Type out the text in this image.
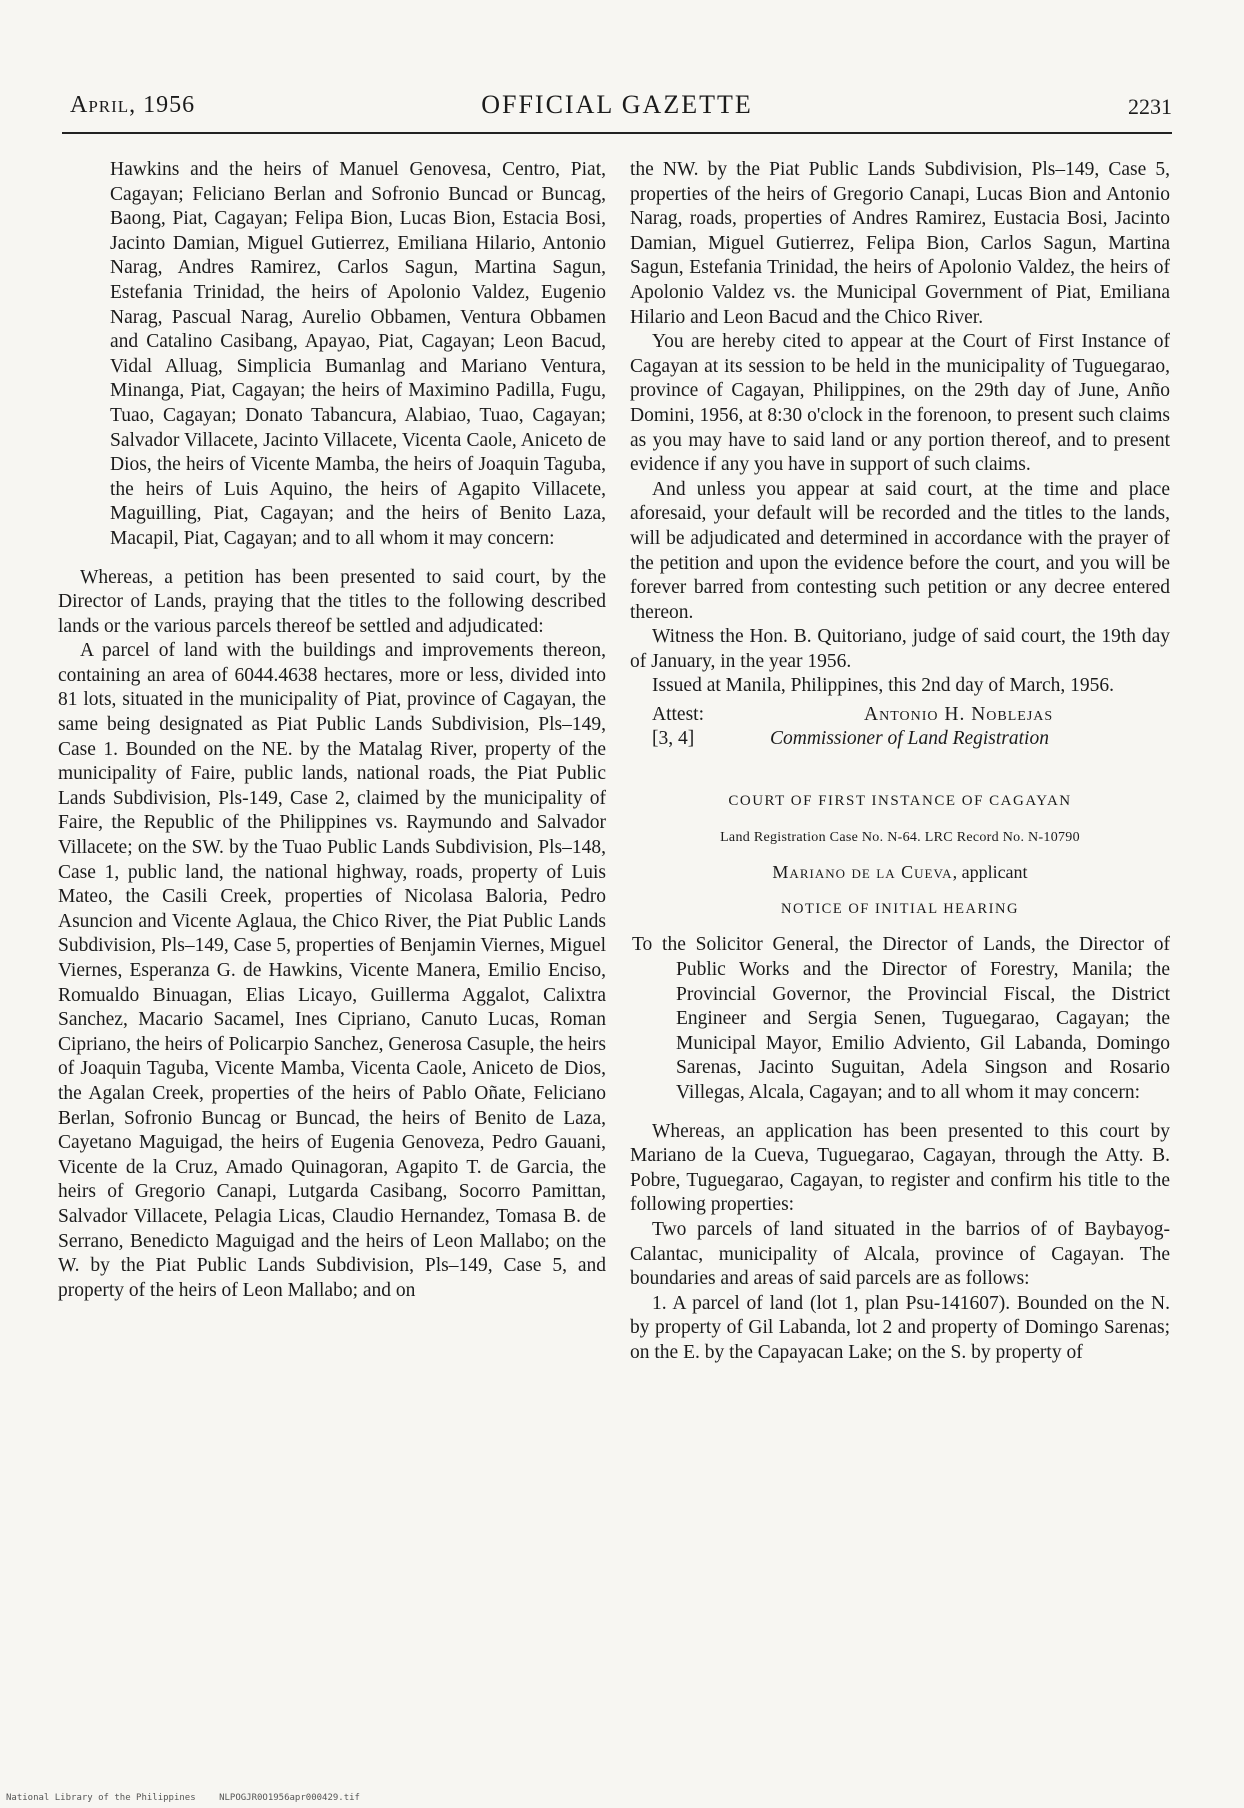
April, 1956	OFFICIAL GAZETTE	2231

Hawkins and the heirs of Manuel Genovesa, Centro, Piat, Cagayan; Feliciano Berlan and Sofronio Buncad or Buncag, Baong, Piat, Cagayan; Felipa Bion, Lucas Bion, Estacia Bosi, Jacinto Damian, Miguel Gutierrez, Emiliana Hilario, Antonio Narag, Andres Ramirez, Carlos Sagun, Martina Sagun, Estefania Trinidad, the heirs of Apolonio Valdez, Eugenio Narag, Pascual Narag, Aurelio Obbamen, Ventura Obbamen and Catalino Casibang, Apayao, Piat, Cagayan; Leon Bacud, Vidal Alluag, Simplicia Bumanlag and Mariano Ventura, Minanga, Piat, Cagayan; the heirs of Maximino Padilla, Fugu, Tuao, Cagayan; Donato Tabancura, Alabiao, Tuao, Cagayan; Salvador Villacete, Jacinto Villacete, Vicenta Caole, Aniceto de Dios, the heirs of Vicente Mamba, the heirs of Joaquin Taguba, the heirs of Luis Aquino, the heirs of Agapito Villacete, Maguilling, Piat, Cagayan; and the heirs of Benito Laza, Macapil, Piat, Cagayan; and to all whom it may concern:

Whereas, a petition has been presented to said court, by the Director of Lands, praying that the titles to the following described lands or the various parcels thereof be settled and adjudicated:

A parcel of land with the buildings and improvements thereon, containing an area of 6044.4638 hectares, more or less, divided into 81 lots, situated in the municipality of Piat, province of Cagayan, the same being designated as Piat Public Lands Subdivision, Pls–149, Case 1. Bounded on the NE. by the Matalag River, property of the municipality of Faire, public lands, national roads, the Piat Public Lands Subdivision, Pls-149, Case 2, claimed by the municipality of Faire, the Republic of the Philippines vs. Raymundo and Salvador Villacete; on the SW. by the Tuao Public Lands Subdivision, Pls–148, Case 1, public land, the national highway, roads, property of Luis Mateo, the Casili Creek, properties of Nicolasa Baloria, Pedro Asuncion and Vicente Aglaua, the Chico River, the Piat Public Lands Subdivision, Pls–149, Case 5, properties of Benjamin Viernes, Miguel Viernes, Esperanza G. de Hawkins, Vicente Manera, Emilio Enciso, Romualdo Binuagan, Elias Licayo, Guillerma Aggalot, Calixtra Sanchez, Macario Sacamel, Ines Cipriano, Canuto Lucas, Roman Cipriano, the heirs of Policarpio Sanchez, Generosa Casuple, the heirs of Joaquin Taguba, Vicente Mamba, Vicenta Caole, Aniceto de Dios, the Agalan Creek, properties of the heirs of Pablo Oñate, Feliciano Berlan, Sofronio Buncag or Buncad, the heirs of Benito de Laza, Cayetano Maguigad, the heirs of Eugenia Genoveza, Pedro Gauani, Vicente de la Cruz, Amado Quinagoran, Agapito T. de Garcia, the heirs of Gregorio Canapi, Lutgarda Casibang, Socorro Pamittan, Salvador Villacete, Pelagia Licas, Claudio Hernandez, Tomasa B. de Serrano, Benedicto Maguigad and the heirs of Leon Mallabo; on the W. by the Piat Public Lands Subdivision, Pls–149, Case 5, and property of the heirs of Leon Mallabo; and on

the NW. by the Piat Public Lands Subdivision, Pls–149, Case 5, properties of the heirs of Gregorio Canapi, Lucas Bion and Antonio Narag, roads, properties of Andres Ramirez, Eustacia Bosi, Jacinto Damian, Miguel Gutierrez, Felipa Bion, Carlos Sagun, Martina Sagun, Estefania Trinidad, the heirs of Apolonio Valdez, the heirs of Apolonio Valdez vs. the Municipal Government of Piat, Emiliana Hilario and Leon Bacud and the Chico River.

You are hereby cited to appear at the Court of First Instance of Cagayan at its session to be held in the municipality of Tuguegarao, province of Cagayan, Philippines, on the 29th day of June, Anño Domini, 1956, at 8:30 o'clock in the forenoon, to present such claims as you may have to said land or any portion thereof, and to present evidence if any you have in support of such claims.

And unless you appear at said court, at the time and place aforesaid, your default will be recorded and the titles to the lands, will be adjudicated and determined in accordance with the prayer of the petition and upon the evidence before the court, and you will be forever barred from contesting such petition or any decree entered thereon.

Witness the Hon. B. Quitoriano, judge of said court, the 19th day of January, in the year 1956.

Issued at Manila, Philippines, this 2nd day of March, 1956.

Attest:
[3, 4]
Antonio H. Noblejas
Commissioner of Land Registration
COURT OF FIRST INSTANCE OF CAGAYAN
Land Registration Case No. N-64. LRC Record No. N-10790
Mariano de la Cueva, applicant
NOTICE OF INITIAL HEARING

To the Solicitor General, the Director of Lands, the Director of Public Works and the Director of Forestry, Manila; the Provincial Governor, the Provincial Fiscal, the District Engineer and Sergia Senen, Tuguegarao, Cagayan; the Municipal Mayor, Emilio Adviento, Gil Labanda, Domingo Sarenas, Jacinto Suguitan, Adela Singson and Rosario Villegas, Alcala, Cagayan; and to all whom it may concern:

Whereas, an application has been presented to this court by Mariano de la Cueva, Tuguegarao, Cagayan, through the Atty. B. Pobre, Tuguegarao, Cagayan, to register and confirm his title to the following properties:

Two parcels of land situated in the barrios of of Baybayog-Calantac, municipality of Alcala, province of Cagayan. The boundaries and areas of said parcels are as follows:

1. A parcel of land (lot 1, plan Psu-141607). Bounded on the N. by property of Gil Labanda, lot 2 and property of Domingo Sarenas; on the E. by the Capayacan Lake; on the S. by property of

National Library of the Philippines	NLPOGJR0O1956apr000429.tif
